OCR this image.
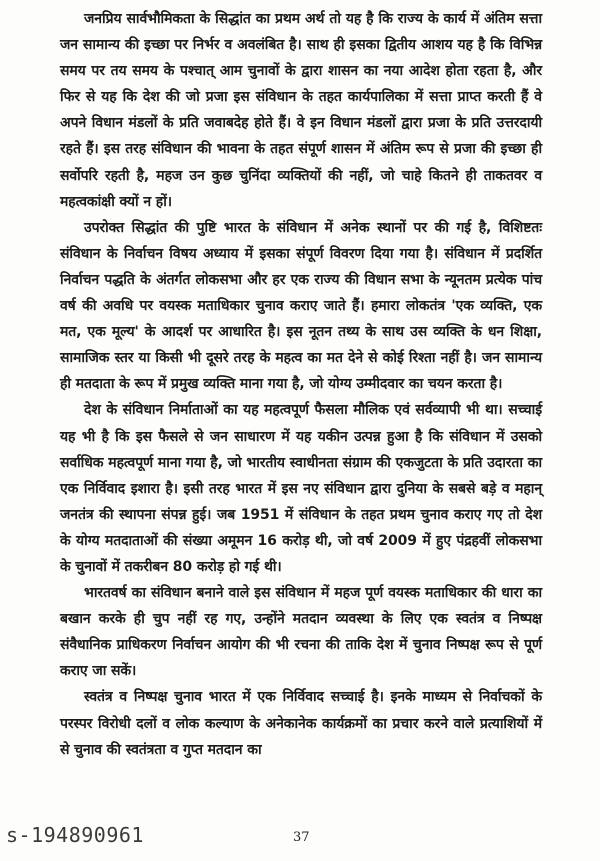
जनप्रिय सार्वभौमिकता के सिद्धांत का प्रथम अर्थ तो यह है कि राज्य के कार्य में अंतिम सत्ता जन सामान्य की इच्छा पर निर्भर व अवलंबित है। साथ ही इसका द्वितीय आशय यह है कि विभिन्न समय पर तय समय के पश्चात् आम चुनावों के द्वारा शासन का नया आदेश होता रहता है, और फिर से यह कि देश की जो प्रजा इस संविधान के तहत कार्यपालिका में सत्ता प्राप्त करती हैं वे अपने विधान मंडलों के प्रति जवाबदेह होते हैं। वे इन विधान मंडलों द्वारा प्रजा के प्रति उत्तरदायी रहते हैं। इस तरह संविधान की भावना के तहत संपूर्ण शासन में अंतिम रूप से प्रजा की इच्छा ही सर्वोपरि रहती है, महज उन कुछ चुनिंदा व्यक्तियों की नहीं, जो चाहे कितने ही ताकतवर व महत्वकांक्षी क्यों न हों।

उपरोक्त सिद्धांत की पुष्टि भारत के संविधान में अनेक स्थानों पर की गई है, विशिष्टतः संविधान के निर्वाचन विषय अध्याय में इसका संपूर्ण विवरण दिया गया है। संविधान में प्रदर्शित निर्वाचन पद्धति के अंतर्गत लोकसभा और हर एक राज्य की विधान सभा के न्यूनतम प्रत्येक पांच वर्ष की अवधि पर वयस्क मताधिकार चुनाव कराए जाते हैं। हमारा लोकतंत्र 'एक व्यक्ति, एक मत, एक मूल्य' के आदर्श पर आधारित है। इस नूतन तथ्य के साथ उस व्यक्ति के धन शिक्षा, सामाजिक स्तर या किसी भी दूसरे तरह के महत्व का मत देने से कोई रिश्ता नहीं है। जन सामान्य ही मतदाता के रूप में प्रमुख व्यक्ति माना गया है, जो योग्य उम्मीदवार का चयन करता है।

देश के संविधान निर्माताओं का यह महत्वपूर्ण फैसला मौलिक एवं सर्वव्यापी भी था। सच्चाई यह भी है कि इस फैसले से जन साधारण में यह यकीन उत्पन्न हुआ है कि संविधान में उसको सर्वाधिक महत्वपूर्ण माना गया है, जो भारतीय स्वाधीनता संग्राम की एकजुटता के प्रति उदारता का एक निर्विवाद इशारा है। इसी तरह भारत में इस नए संविधान द्वारा दुनिया के सबसे बड़े व महान् जनतंत्र की स्थापना संपन्न हुई। जब 1951 में संविधान के तहत प्रथम चुनाव कराए गए तो देश के योग्य मतदाताओं की संख्या अमूमन 16 करोड़ थी, जो वर्ष 2009 में हुए पंद्रहवीं लोकसभा के चुनावों में तकरीबन 80 करोड़ हो गई थी।

भारतवर्ष का संविधान बनाने वाले इस संविधान में महज पूर्ण वयस्क मताधिकार की धारा का बखान करके ही चुप नहीं रह गए, उन्होंने मतदान व्यवस्था के लिए एक स्वतंत्र व निष्पक्ष संवैधानिक प्राधिकरण निर्वाचन आयोग की भी रचना की ताकि देश में चुनाव निष्पक्ष रूप से पूर्ण कराए जा सकें।

स्वतंत्र व निष्पक्ष चुनाव भारत में एक निर्विवाद सच्चाई है। इनके माध्यम से निर्वाचकों के परस्पर विरोधी दलों व लोक कल्याण के अनेकानेक कार्यक्रमों का प्रचार करने वाले प्रत्याशियों में से चुनाव की स्वतंत्रता व गुप्त मतदान का

s-194890961	37
